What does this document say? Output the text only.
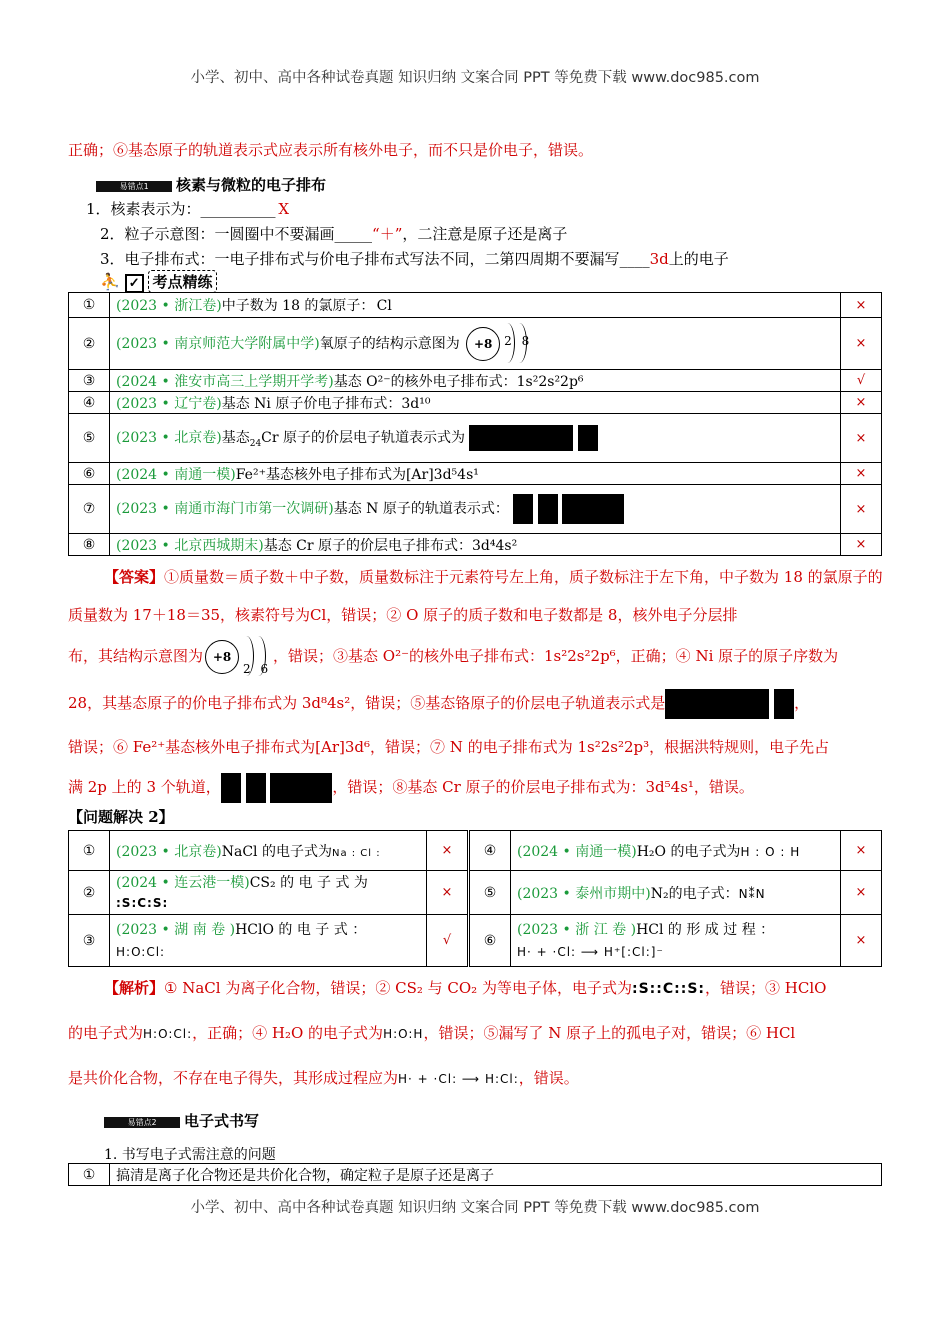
小学、初中、高中各种试卷真题 知识归纳 文案合同 PPT 等免费下载 www.doc985.com
正确；⑥基态原子的轨道表示式应表示所有核外电子，而不只是价电子，错误。
易错点1 核素与微粒的电子排布
1．核素表示为：__________ X
2．粒子示意图：一圆圈中不要漏画_____“＋”，二注意是原子还是离子
3．电子排布式：一电子排布式与价电子排布式写法不同，二第四周期不要漏写____3d上的电子
⛹ ✓ 考点精练
①	(2023 • 浙江卷)中子数为 18 的氯原子： Cl	×
②	(2023 • 南京师范大学附属中学)氧原子的结构示意图为 +8 2 8	×
③	(2024 • 淮安市高三上学期开学考)基态 O²⁻的核外电子排布式：1s²2s²2p⁶	√
④	(2023 • 辽宁卷)基态 Ni 原子价电子排布式：3d¹⁰	×
⑤	(2023 • 北京卷)基态$_{24}$Cr 原子的价层电子轨道表示式为	×
⑥	(2024 • 南通一模)Fe²⁺基态核外电子排布式为[Ar]3d⁵4s¹	×
⑦	(2023 • 南通市海门市第一次调研)基态 N 原子的轨道表示式：	×
⑧	(2023 • 北京西城期末)基态 Cr 原子的价层电子排布式：3d⁴4s²	×
【答案】①质量数＝质子数＋中子数，质量数标注于元素符号左上角，质子数标注于左下角，中子数为 18 的氯原子的质量数为 17＋18＝35，核素符号为Cl，错误；② O 原子的质子数和电子数都是 8，核外电子分层排
布，其结构示意图为 +8
2 6
，错误；③基态 O²⁻的核外电子排布式：1s²2s²2p⁶，正确；④ Ni 原子的原子序数为
28，其基态原子的价电子排布式为 3d⁸4s²，错误；⑤基态铬原子的价层电子轨道表示式是	，
错误；⑥ Fe²⁺基态核外电子排布式为[Ar]3d⁶，错误；⑦ N 的电子排布式为 1s²2s²2p³，根据洪特规则，电子先占
满 2p 上的 3 个轨道，	，错误；⑧基态 Cr 原子的价层电子排布式为：3d⁵4s¹，错误。
【问题解决 2】
①	(2023 • 北京卷)NaCl 的电子式为Na : Cl :	×	④	(2024 • 南通一模)H₂O 的电子式为H : O : H	×
②	(2024 • 连云港一模)CS₂ 的 电 子 式 为
:S:C:S:	×	⑤	(2023 • 泰州市期中)N₂的电子式：N⁑N	×
③	(2023 • 湖 南 卷 )HClO 的 电 子 式 ：
H:O:Cl:	√	⑥	(2023 • 浙 江 卷 )HCl 的 形 成 过 程 ：
H· + ·Cl: ⟶ H⁺[:Cl:]⁻	×
【解析】① NaCl 为离子化合物，错误；② CS₂ 与 CO₂ 为等电子体，电子式为:S::C::S:，错误；③ HClO
的电子式为H:O:Cl:，正确；④ H₂O 的电子式为H:O:H，错误；⑤漏写了 N 原子上的孤电子对，错误；⑥ HCl
是共价化合物，不存在电子得失，其形成过程应为H· + ·Cl: ⟶ H:Cl:，错误。
易错点2 电子式书写
1. 书写电子式需注意的问题
①	搞清是离子化合物还是共价化合物，确定粒子是原子还是离子
小学、初中、高中各种试卷真题 知识归纳 文案合同 PPT 等免费下载 www.doc985.com
